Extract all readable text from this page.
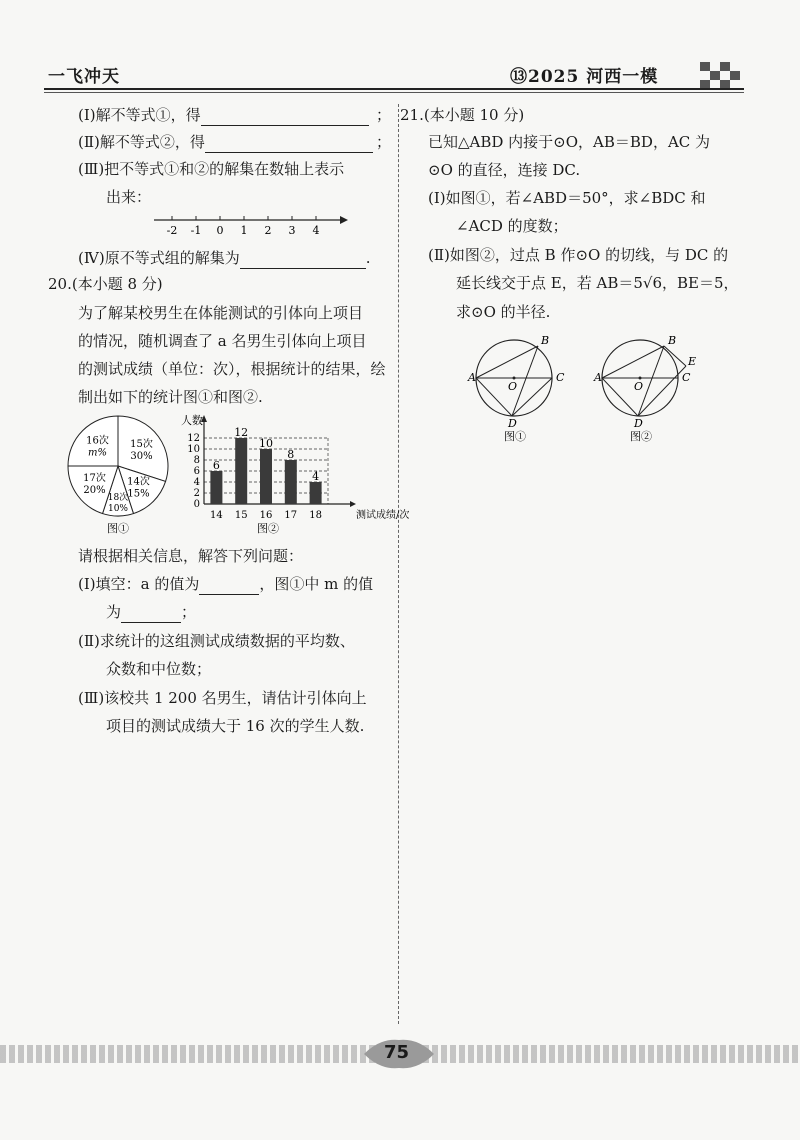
一飞冲天	⑬2025 河西一模
(Ⅰ)解不等式①，得	；
(Ⅱ)解不等式②，得	；
(Ⅲ)把不等式①和②的解集在数轴上表示
出来：
-2 -1 0 1 2 3 4
(Ⅳ)原不等式组的解集为	.
20.(本小题 8 分)
为了解某校男生在体能测试的引体向上项目
的情况，随机调查了 a 名男生引体向上项目
的测试成绩（单位：次），根据统计的结果，绘
制出如下的统计图①和图②.
15次
30%
14次
15%
18次
10%
17次
20%
16次
m%
图①
0
2
4
6
8
10
12
人数
测试成绩/次
6
14
12
15
10
16
8
17
4
18
图②
请根据相关信息，解答下列问题：
(Ⅰ)填空：a 的值为	，图①中 m 的值
为	；
(Ⅱ)求统计的这组测试成绩数据的平均数、
众数和中位数；
(Ⅲ)该校共 1 200 名男生，请估计引体向上
项目的测试成绩大于 16 次的学生人数.
21.(本小题 10 分)
已知△ABD 内接于⊙O，AB＝BD，AC 为
⊙O 的直径，连接 DC.
(Ⅰ)如图①，若∠ABD＝50°，求∠BDC 和
∠ACD 的度数；
(Ⅱ)如图②，过点 B 作⊙O 的切线，与 DC 的
延长线交于点 E，若 AB＝5√6，BE＝5，
求⊙O 的半径.
A
B
C
D
O
图①
A
B
C
E
D
O
图②
75
